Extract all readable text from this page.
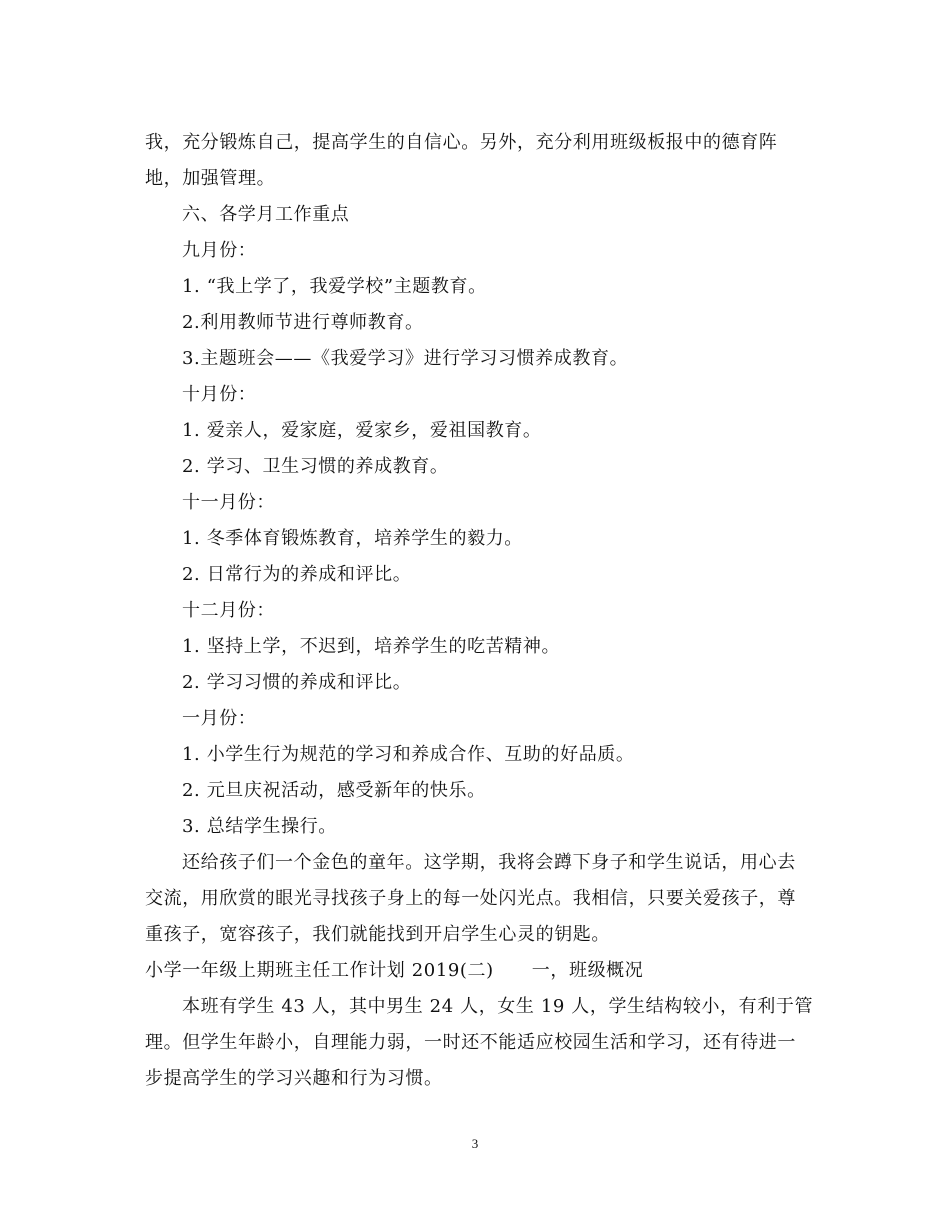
我，充分锻炼自己，提高学生的自信心。另外，充分利用班级板报中的德育阵
地，加强管理。
六、各学月工作重点
九月份：
1. “我上学了，我爱学校”主题教育。
2.利用教师节进行尊师教育。
3.主题班会——《我爱学习》进行学习习惯养成教育。
十月份：
1. 爱亲人，爱家庭，爱家乡，爱祖国教育。
2. 学习、卫生习惯的养成教育。
十一月份：
1. 冬季体育锻炼教育，培养学生的毅力。
2. 日常行为的养成和评比。
十二月份：
1. 坚持上学，不迟到，培养学生的吃苦精神。
2. 学习习惯的养成和评比。
一月份：
1. 小学生行为规范的学习和养成合作、互助的好品质。
2. 元旦庆祝活动，感受新年的快乐。
3. 总结学生操行。
还给孩子们一个金色的童年。这学期，我将会蹲下身子和学生说话，用心去
交流，用欣赏的眼光寻找孩子身上的每一处闪光点。我相信，只要关爱孩子，尊
重孩子，宽容孩子，我们就能找到开启学生心灵的钥匙。
小学一年级上期班主任工作计划 2019(二) 一，班级概况
本班有学生 43 人，其中男生 24 人，女生 19 人，学生结构较小，有利于管
理。但学生年龄小，自理能力弱，一时还不能适应校园生活和学习，还有待进一
步提高学生的学习兴趣和行为习惯。
3
